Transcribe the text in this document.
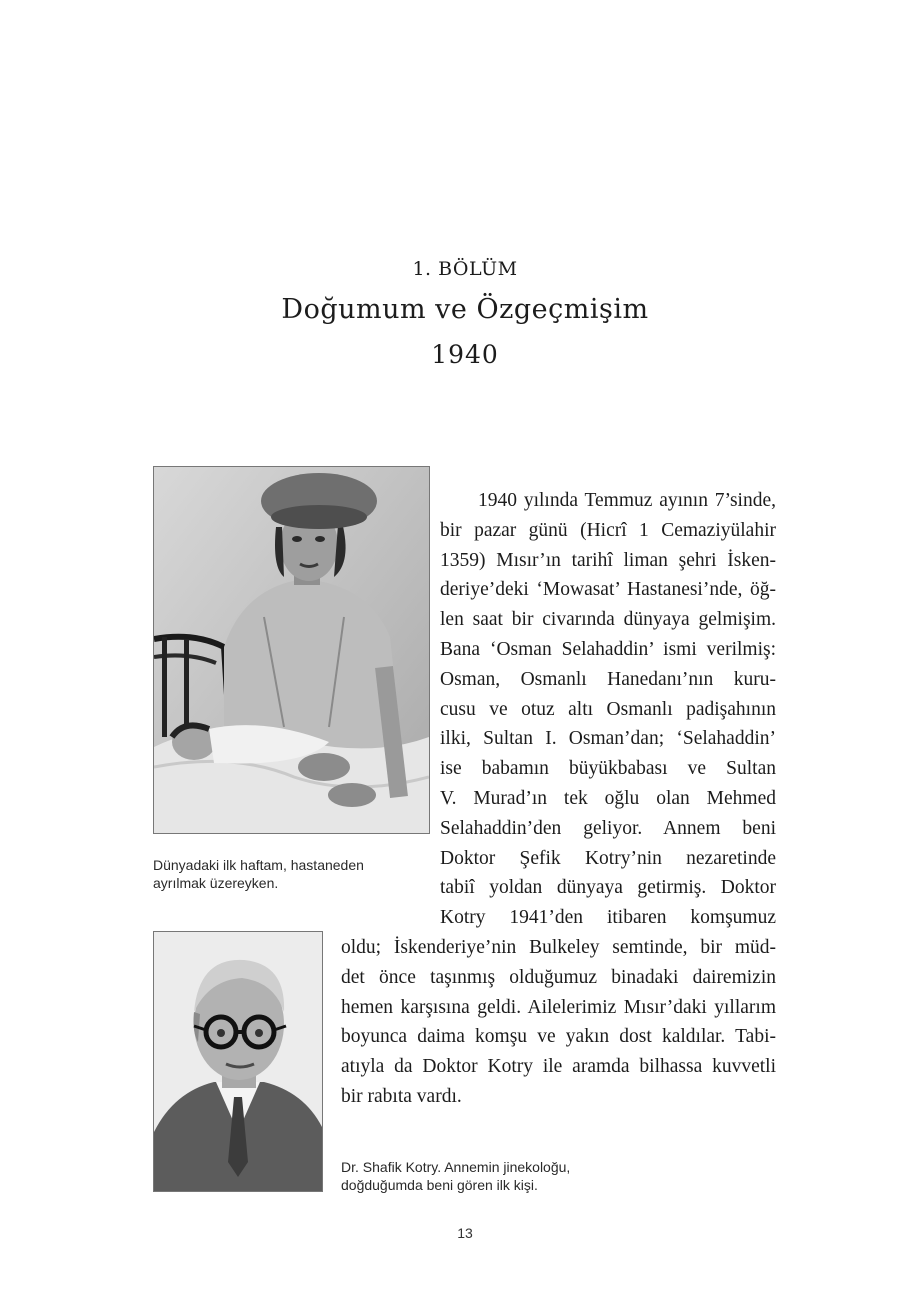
1. BÖLÜM
Doğumum ve Özgeçmişim
1940
Dünyadaki ilk haftam, hastaneden
ayrılmak üzereyken.
Dr. Shafik Kotry. Annemin jinekoloğu,
doğduğumda beni gören ilk kişi.
1940 yılında Temmuz ayının 7’sinde,
bir pazar günü (Hicrî 1 Cemaziyülahir
1359) Mısır’ın tarihî liman şehri İsken-
deriye’deki ‘Mowasat’ Hastanesi’nde, öğ-
len saat bir civarında dünyaya gelmişim.
Bana ‘Osman Selahaddin’ ismi verilmiş:
Osman, Osmanlı Hanedanı’nın kuru-
cusu ve otuz altı Osmanlı padişahının
ilki, Sultan I. Osman’dan; ‘Selahaddin’
ise babamın büyükbabası ve Sultan
V. Murad’ın tek oğlu olan Mehmed
Selahaddin’den geliyor. Annem beni
Doktor Şefik Kotry’nin nezaretinde
tabiî yoldan dünyaya getirmiş. Doktor
Kotry 1941’den itibaren komşumuz
oldu; İskenderiye’nin Bulkeley semtinde, bir müd-
det önce taşınmış olduğumuz binadaki dairemizin
hemen karşısına geldi. Ailelerimiz Mısır’daki yıllarım
boyunca daima komşu ve yakın dost kaldılar. Tabi-
atıyla da Doktor Kotry ile aramda bilhassa kuvvetli
bir rabıta vardı.
13
